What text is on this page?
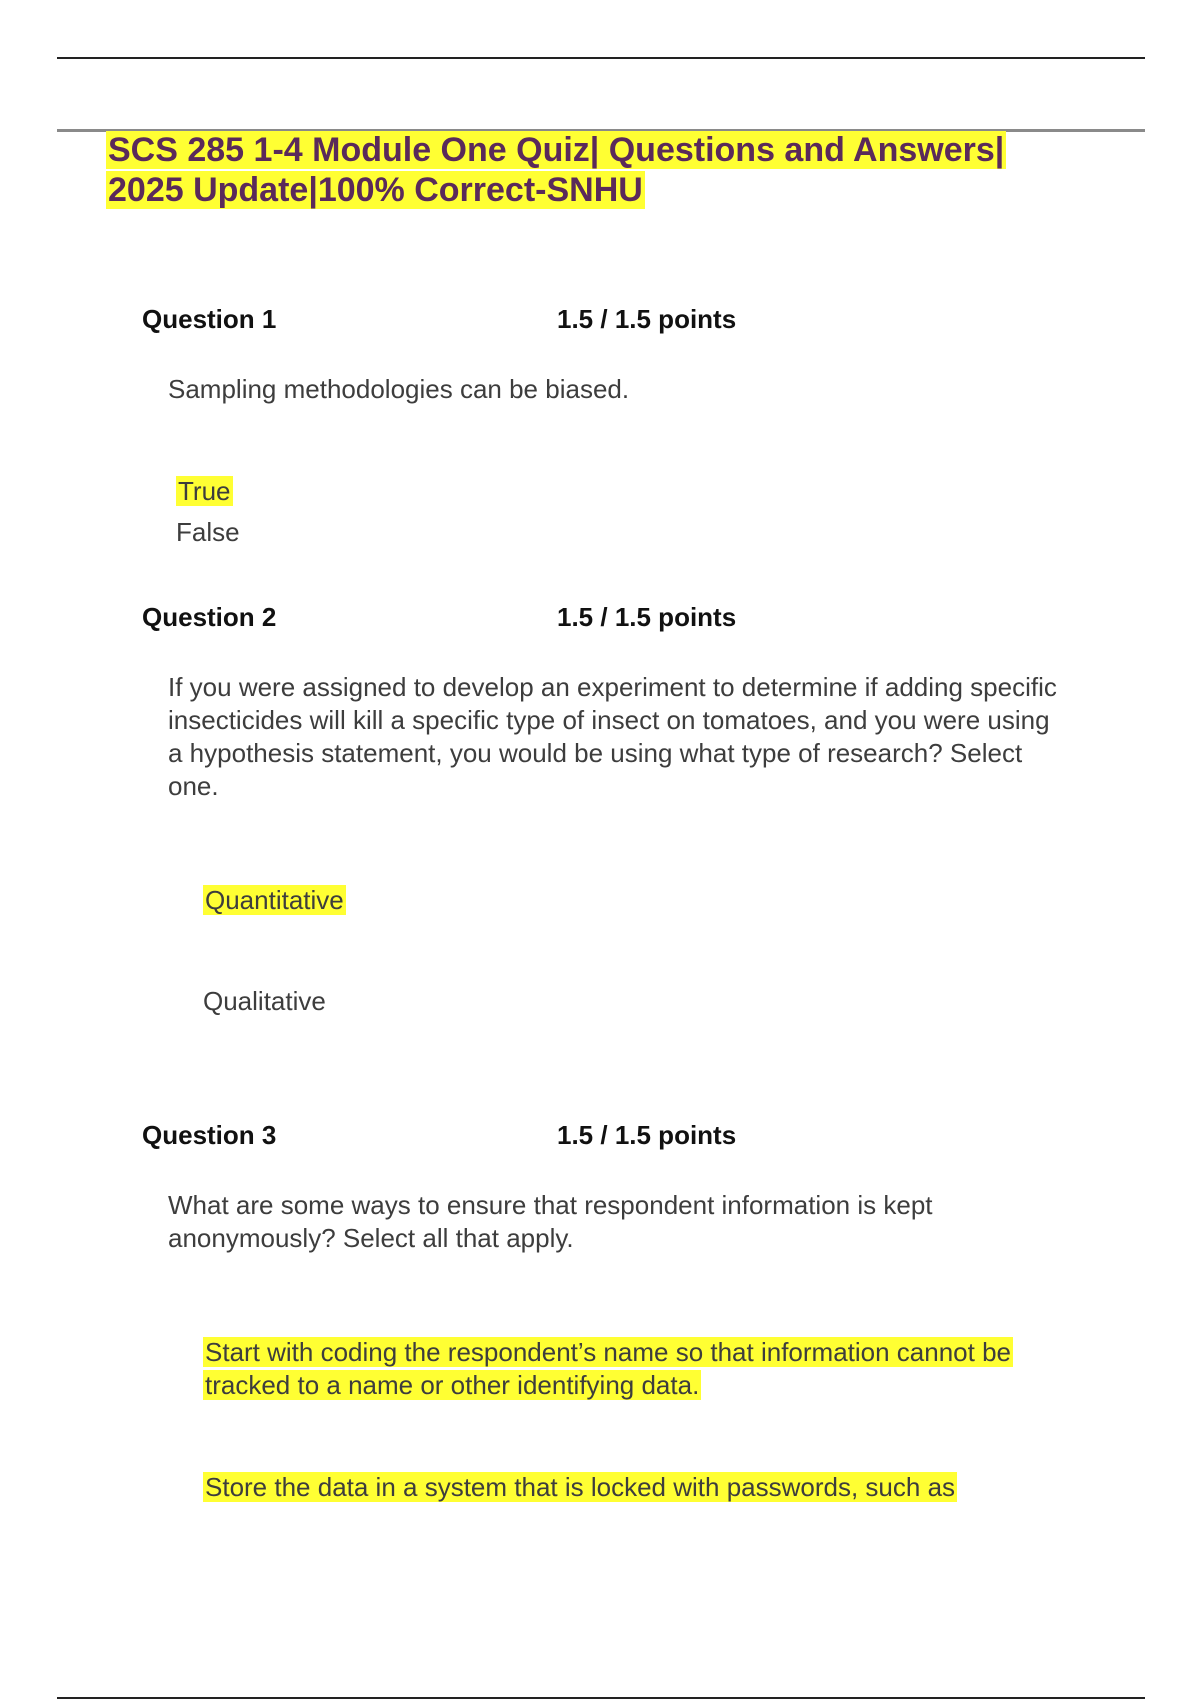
SCS 285 1-4 Module One Quiz| Questions and Answers| 2025 Update|100% Correct-SNHU
Question 1	1.5 / 1.5 points

Sampling methodologies can be biased.

True
False
Question 2	1.5 / 1.5 points

If you were assigned to develop an experiment to determine if adding specific insecticides will kill a specific type of insect on tomatoes, and you were using a hypothesis statement, you would be using what type of research? Select one.

Quantitative
Qualitative
Question 3	1.5 / 1.5 points

What are some ways to ensure that respondent information is kept anonymously? Select all that apply.

Start with coding the respondent’s name so that information cannot be tracked to a name or other identifying data.
Store the data in a system that is locked with passwords, such as
